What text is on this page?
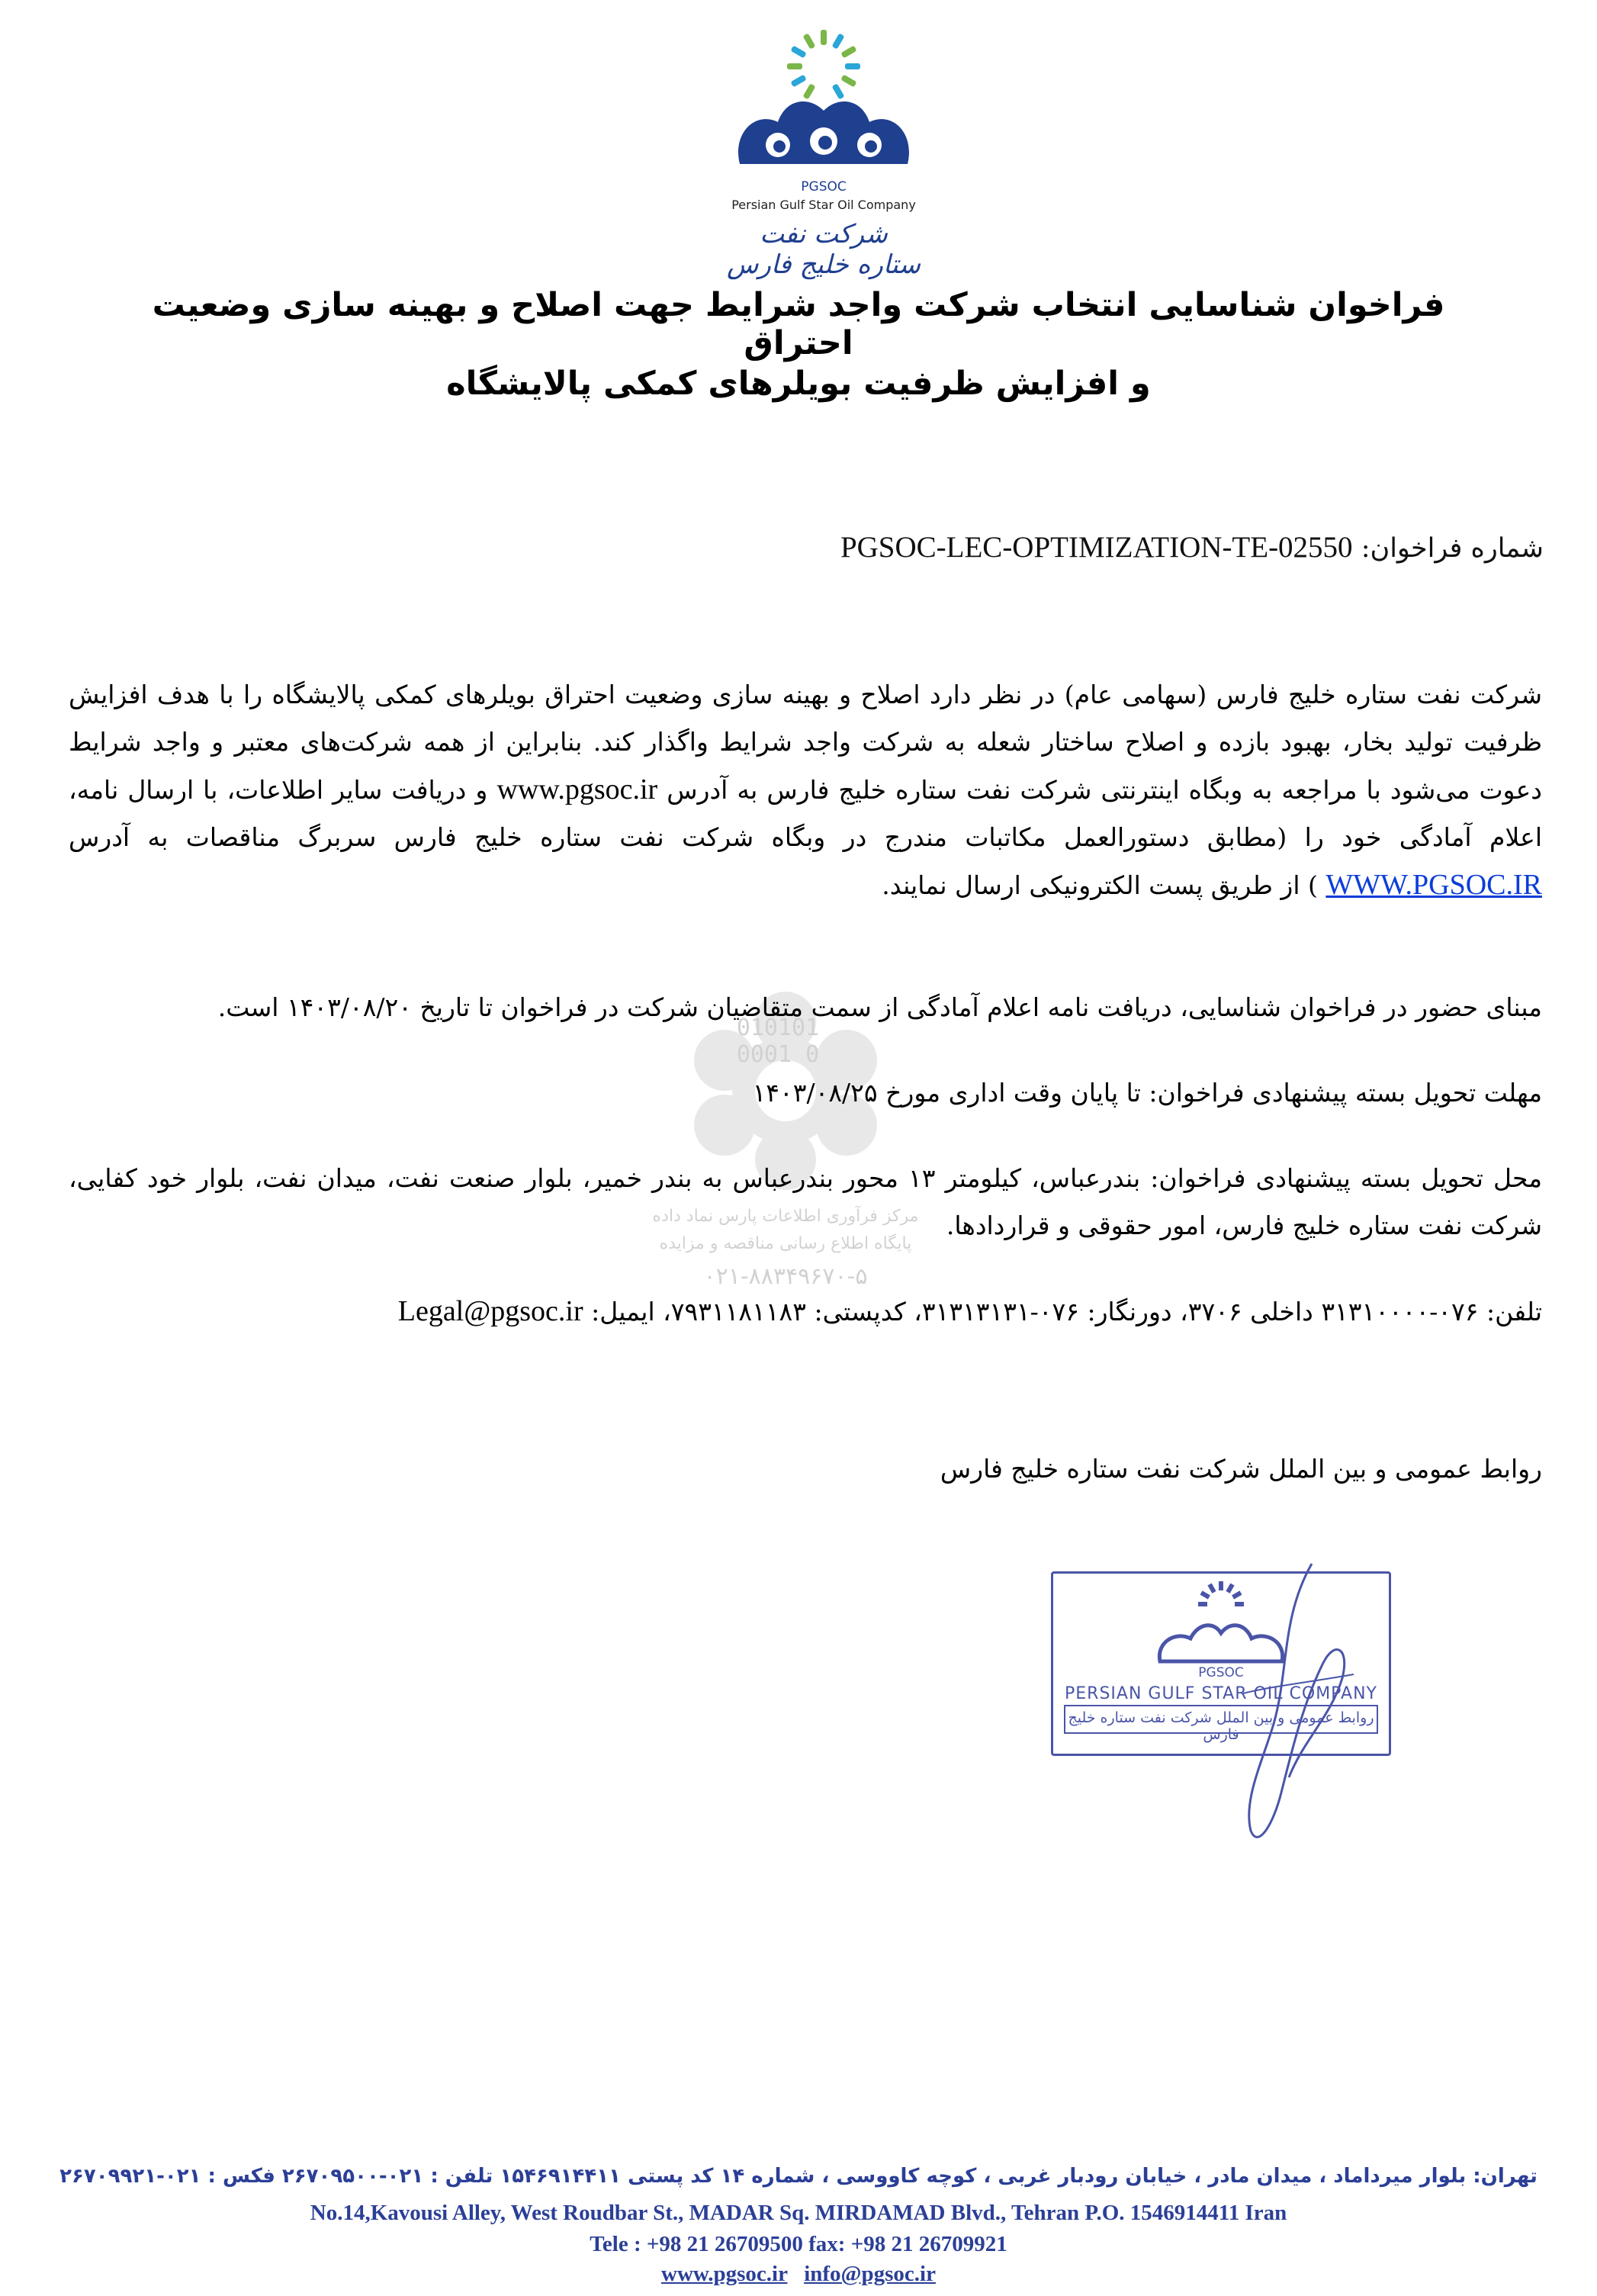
PGSOC
Persian Gulf Star Oil Company
شرکت نفت ستاره خلیج فارس
فراخوان شناسایی انتخاب شرکت واجد شرایط جهت اصلاح و بهینه سازی وضعیت احتراق
و افزایش ظرفیت بویلرهای کمکی پالایشگاه
شماره فراخوان: PGSOC-LEC-OPTIMIZATION-TE-02550
010101 0001 0
مرکز فرآوری اطلاعات پارس نماد داده
پایگاه اطلاع رسانی مناقصه و مزایده
۰۲۱-۸۸۳۴۹۶۷۰-۵
شرکت نفت ستاره خلیج فارس (سهامی عام) در نظر دارد اصلاح و بهینه سازی وضعیت احتراق بویلرهای کمکی پالایشگاه را با هدف افزایش ظرفیت تولید بخار، بهبود بازده و اصلاح ساختار شعله به شرکت واجد شرایط واگذار کند. بنابراین از همه شرکت‌های معتبر و واجد شرایط دعوت می‌شود با مراجعه به وبگاه اینترنتی شرکت نفت ستاره خلیج فارس به آدرس www.pgsoc.ir و دریافت سایر اطلاعات، با ارسال نامه، اعلام آمادگی خود را (مطابق دستورالعمل مکاتبات مندرج در وبگاه شرکت نفت ستاره خلیج فارس سربرگ مناقصات به آدرس WWW.PGSOC.IR ) از طریق پست الکترونیکی ارسال نمایند.
مبنای حضور در فراخوان شناسایی، دریافت نامه اعلام آمادگی از سمت متقاضیان شرکت در فراخوان تا تاریخ ۱۴۰۳/۰۸/۲۰ است.
مهلت تحویل بسته پیشنهادی فراخوان: تا پایان وقت اداری مورخ ۱۴۰۳/۰۸/۲۵
محل تحویل بسته پیشنهادی فراخوان: بندرعباس، کیلومتر ۱۳ محور بندرعباس به بندر خمیر، بلوار صنعت نفت، میدان نفت، بلوار خود کفایی، شرکت نفت ستاره خلیج فارس، امور حقوقی و قراردادها.
تلفن: ۰۷۶-۳۱۳۱۰۰۰۰ داخلی ۳۷۰۶، دورنگار: ۰۷۶-۳۱۳۱۳۱۳۱، کدپستی: ۷۹۳۱۱۸۱۱۸۳، ایمیل: Legal@pgsoc.ir
روابط عمومی و بین الملل شرکت نفت ستاره خلیج فارس
PGSOC
PERSIAN GULF STAR OIL COMPANY
روابط عمومی و بین الملل شرکت نفت ستاره خلیج فارس
تهران: بلوار میرداماد ، میدان مادر ، خیابان رودبار غربی ، کوچه کاووسی ، شماره ۱۴ کد پستی ۱۵۴۶۹۱۴۴۱۱ تلفن : ۰۲۱-۲۶۷۰۹۵۰۰ فکس : ۰۲۱-۲۶۷۰۹۹۲۱
No.14,Kavousi Alley, West Roudbar St., MADAR Sq. MIRDAMAD Blvd., Tehran P.O. 1546914411 Iran
Tele : +98 21 26709500 fax: +98 21 26709921
www.pgsoc.ir info@pgsoc.ir
